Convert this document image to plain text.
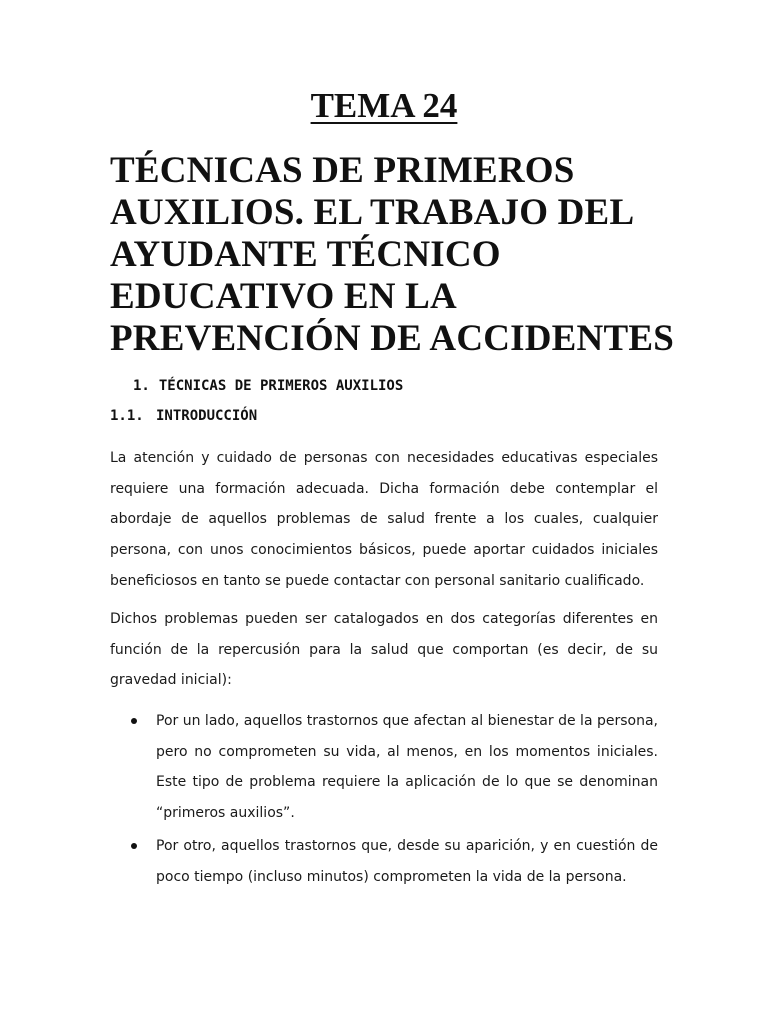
TEMA 24
TÉCNICAS DE PRIMEROS
AUXILIOS. EL TRABAJO DEL
AYUDANTE TÉCNICO
EDUCATIVO EN LA
PREVENCIÓN DE ACCIDENTES
1. TÉCNICAS DE PRIMEROS AUXILIOS
1.1. INTRODUCCIÓN

La atención y cuidado de personas con necesidades educativas especiales requiere una formación adecuada. Dicha formación debe contemplar el abordaje de aquellos problemas de salud frente a los cuales, cualquier persona, con unos conocimientos básicos, puede aportar cuidados iniciales beneficiosos en tanto se puede contactar con personal sanitario cualificado.

Dichos problemas pueden ser catalogados en dos categorías diferentes en función de la repercusión para la salud que comportan (es decir, de su gravedad inicial):

Por un lado, aquellos trastornos que afectan al bienestar de la persona, pero no comprometen su vida, al menos, en los momentos iniciales. Este tipo de problema requiere la aplicación de lo que se denominan “primeros auxilios”.
Por otro, aquellos trastornos que, desde su aparición, y en cuestión de poco tiempo (incluso minutos) comprometen la vida de la persona.
